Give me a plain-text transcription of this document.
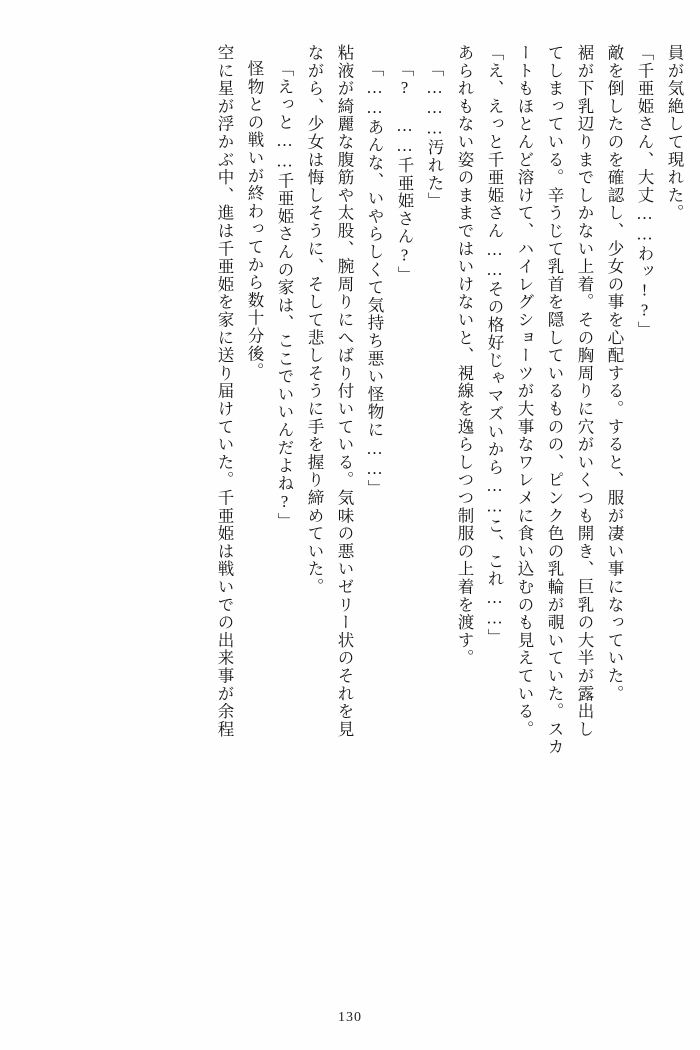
員が気絶して現れた。
「千亜姫さん、大丈……わッ!?」
敵を倒したのを確認し、少女の事を心配する。すると、服が凄い事になっていた。
裾が下乳辺りまでしかない上着。その胸周りに穴がいくつも開き、巨乳の大半が露出し
てしまっている。辛うじて乳首を隠しているものの、ピンク色の乳輪が覗いていた。スカ
ートもほとんど溶けて、ハイレグショーツが大事なワレメに食い込むのも見えている。
「え、えっと千亜姫さん……その格好じゃマズいから……こ、これ……」
あられもない姿のままではいけないと、視線を逸らしつつ制服の上着を渡す。
「………汚れた」
「?　……千亜姫さん?」
「……あんな、いやらしくて気持ち悪い怪物に……」
粘液が綺麗な腹筋や太股、腕周りにへばり付いている。気味の悪いゼリー状のそれを見
ながら、少女は悔しそうに、そして悲しそうに手を握り締めていた。
「えっと……千亜姫さんの家は、ここでいいんだよね?」
怪物との戦いが終わってから数十分後。
空に星が浮かぶ中、進は千亜姫を家に送り届けていた。千亜姫は戦いでの出来事が余程
130
